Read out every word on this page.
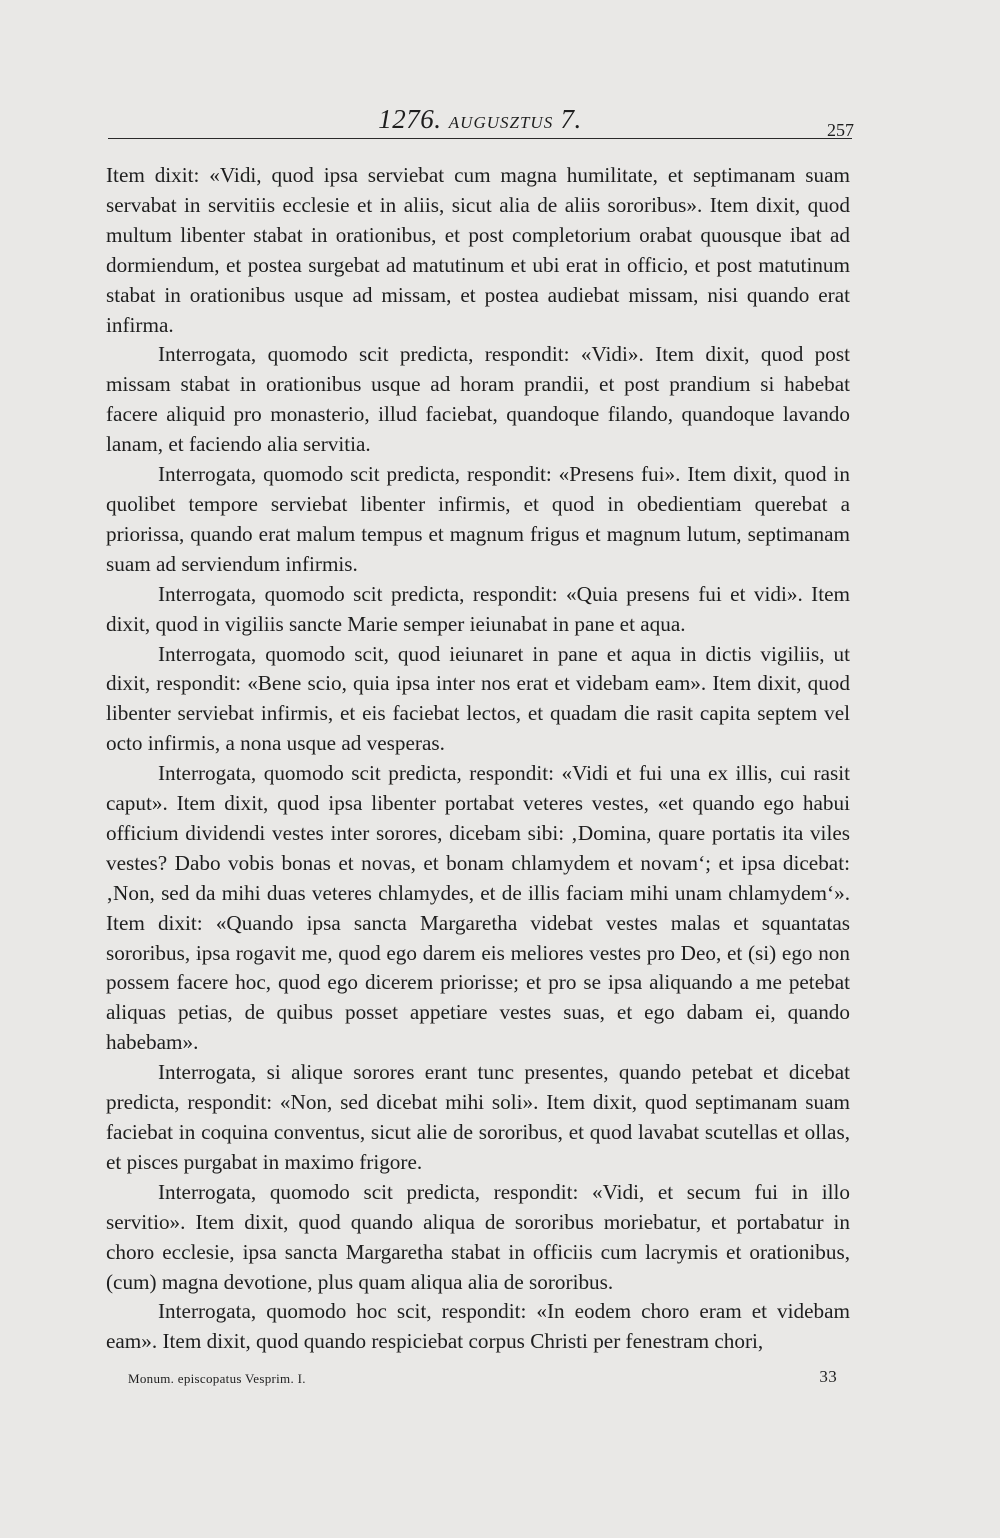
1276. AUGUSZTUS 7.	257

Item dixit: «Vidi, quod ipsa serviebat cum magna humilitate, et septimanam suam servabat in servitiis ecclesie et in aliis, sicut alia de aliis sororibus». Item dixit, quod multum libenter stabat in orationibus, et post completorium orabat quousque ibat ad dormiendum, et postea surgebat ad matutinum et ubi erat in officio, et post matutinum stabat in orationibus usque ad missam, et postea audiebat missam, nisi quando erat infirma.

Interrogata, quomodo scit predicta, respondit: «Vidi». Item dixit, quod post missam stabat in orationibus usque ad horam prandii, et post prandium si habebat facere aliquid pro monasterio, illud faciebat, quandoque filando, quandoque lavando lanam, et faciendo alia servitia.

Interrogata, quomodo scit predicta, respondit: «Presens fui». Item dixit, quod in quolibet tempore serviebat libenter infirmis, et quod in obedientiam querebat a priorissa, quando erat malum tempus et magnum frigus et magnum lutum, septimanam suam ad serviendum infirmis.

Interrogata, quomodo scit predicta, respondit: «Quia presens fui et vidi». Item dixit, quod in vigiliis sancte Marie semper ieiunabat in pane et aqua.

Interrogata, quomodo scit, quod ieiunaret in pane et aqua in dictis vigiliis, ut dixit, respondit: «Bene scio, quia ipsa inter nos erat et videbam eam». Item dixit, quod libenter serviebat infirmis, et eis faciebat lectos, et quadam die rasit capita septem vel octo infirmis, a nona usque ad vesperas.

Interrogata, quomodo scit predicta, respondit: «Vidi et fui una ex illis, cui rasit caput». Item dixit, quod ipsa libenter portabat veteres vestes, «et quando ego habui officium dividendi vestes inter sorores, dicebam sibi: ‚Domina, quare portatis ita viles vestes? Dabo vobis bonas et novas, et bonam chlamydem et novam‘; et ipsa dicebat: ‚Non, sed da mihi duas veteres chlamydes, et de illis faciam mihi unam chlamydem‘». Item dixit: «Quando ipsa sancta Margaretha videbat vestes malas et squantatas sororibus, ipsa rogavit me, quod ego darem eis meliores vestes pro Deo, et (si) ego non possem facere hoc, quod ego dicerem priorisse; et pro se ipsa aliquando a me petebat aliquas petias, de quibus posset appetiare vestes suas, et ego dabam ei, quando habebam».

Interrogata, si alique sorores erant tunc presentes, quando petebat et dicebat predicta, respondit: «Non, sed dicebat mihi soli». Item dixit, quod septimanam suam faciebat in coquina conventus, sicut alie de sororibus, et quod lavabat scutellas et ollas, et pisces purgabat in maximo frigore.

Interrogata, quomodo scit predicta, respondit: «Vidi, et secum fui in illo servitio». Item dixit, quod quando aliqua de sororibus moriebatur, et portabatur in choro ecclesie, ipsa sancta Margaretha stabat in officiis cum lacrymis et orationibus, (cum) magna devotione, plus quam aliqua alia de sororibus.

Interrogata, quomodo hoc scit, respondit: «In eodem choro eram et videbam eam». Item dixit, quod quando respiciebat corpus Christi per fenestram chori,

Monum. episcopatus Vesprim. I.	33
